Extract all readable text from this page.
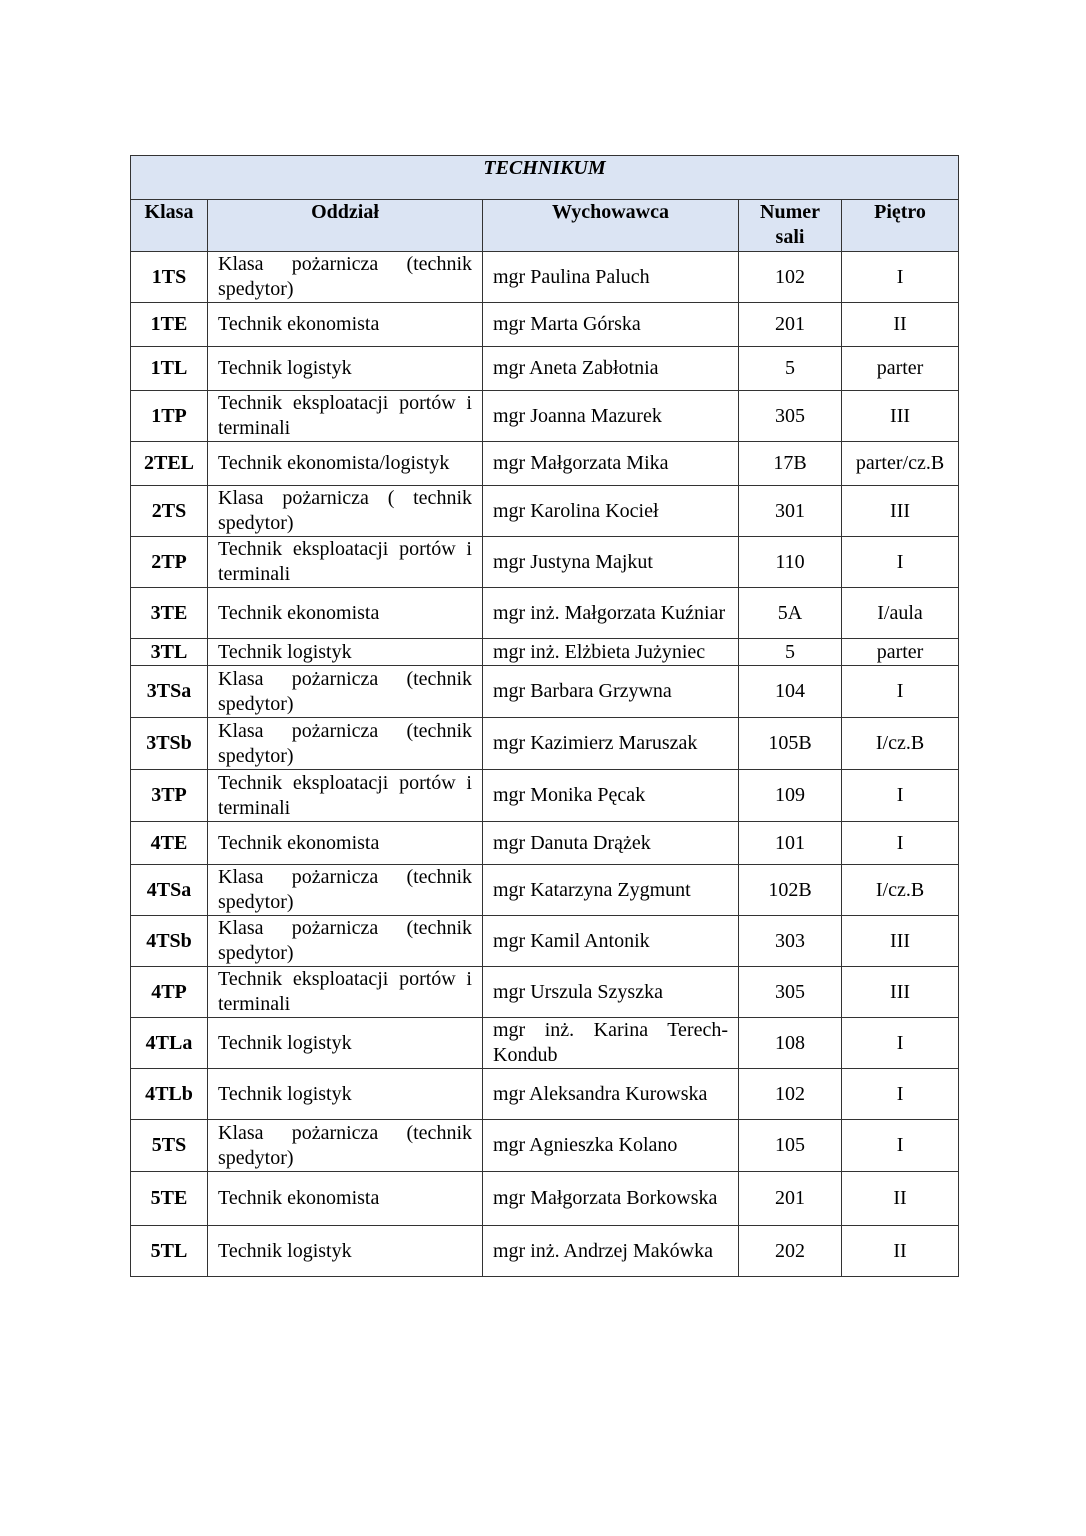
TECHNIKUM				
Klasa	Oddział	Wychowawca	Numer sali	Piętro
1TS	Klasa pożarnicza (technik spedytor)	mgr Paulina Paluch	102	I
1TE	Technik ekonomista	mgr Marta Górska	201	II
1TL	Technik logistyk	mgr Aneta Zabłotnia	5	parter
1TP	Technik eksploatacji portów i terminali	mgr Joanna Mazurek	305	III
2TEL	Technik ekonomista/logistyk	mgr Małgorzata Mika	17B	parter/cz.B
2TS	Klasa pożarnicza ( technik spedytor)	mgr Karolina Kocieł	301	III
2TP	Technik eksploatacji portów i terminali	mgr Justyna Majkut	110	I
3TE	Technik ekonomista	mgr inż. Małgorzata Kuźniar	5A	I/aula
3TL	Technik logistyk	mgr inż. Elżbieta Jużyniec	5	parter
3TSa	Klasa pożarnicza (technik spedytor)	mgr Barbara Grzywna	104	I
3TSb	Klasa pożarnicza (technik spedytor)	mgr Kazimierz Maruszak	105B	I/cz.B
3TP	Technik eksploatacji portów i terminali	mgr Monika Pęcak	109	I
4TE	Technik ekonomista	mgr Danuta Drążek	101	I
4TSa	Klasa pożarnicza (technik spedytor)	mgr Katarzyna Zygmunt	102B	I/cz.B
4TSb	Klasa pożarnicza (technik spedytor)	mgr Kamil Antonik	303	III
4TP	Technik eksploatacji portów i terminali	mgr Urszula Szyszka	305	III
4TLa	Technik logistyk	mgr inż. Karina Terech-Kondub	108	I
4TLb	Technik logistyk	mgr Aleksandra Kurowska	102	I
5TS	Klasa pożarnicza (technik spedytor)	mgr Agnieszka Kolano	105	I
5TE	Technik ekonomista	mgr Małgorzata Borkowska	201	II
5TL	Technik logistyk	mgr inż. Andrzej Makówka	202	II
